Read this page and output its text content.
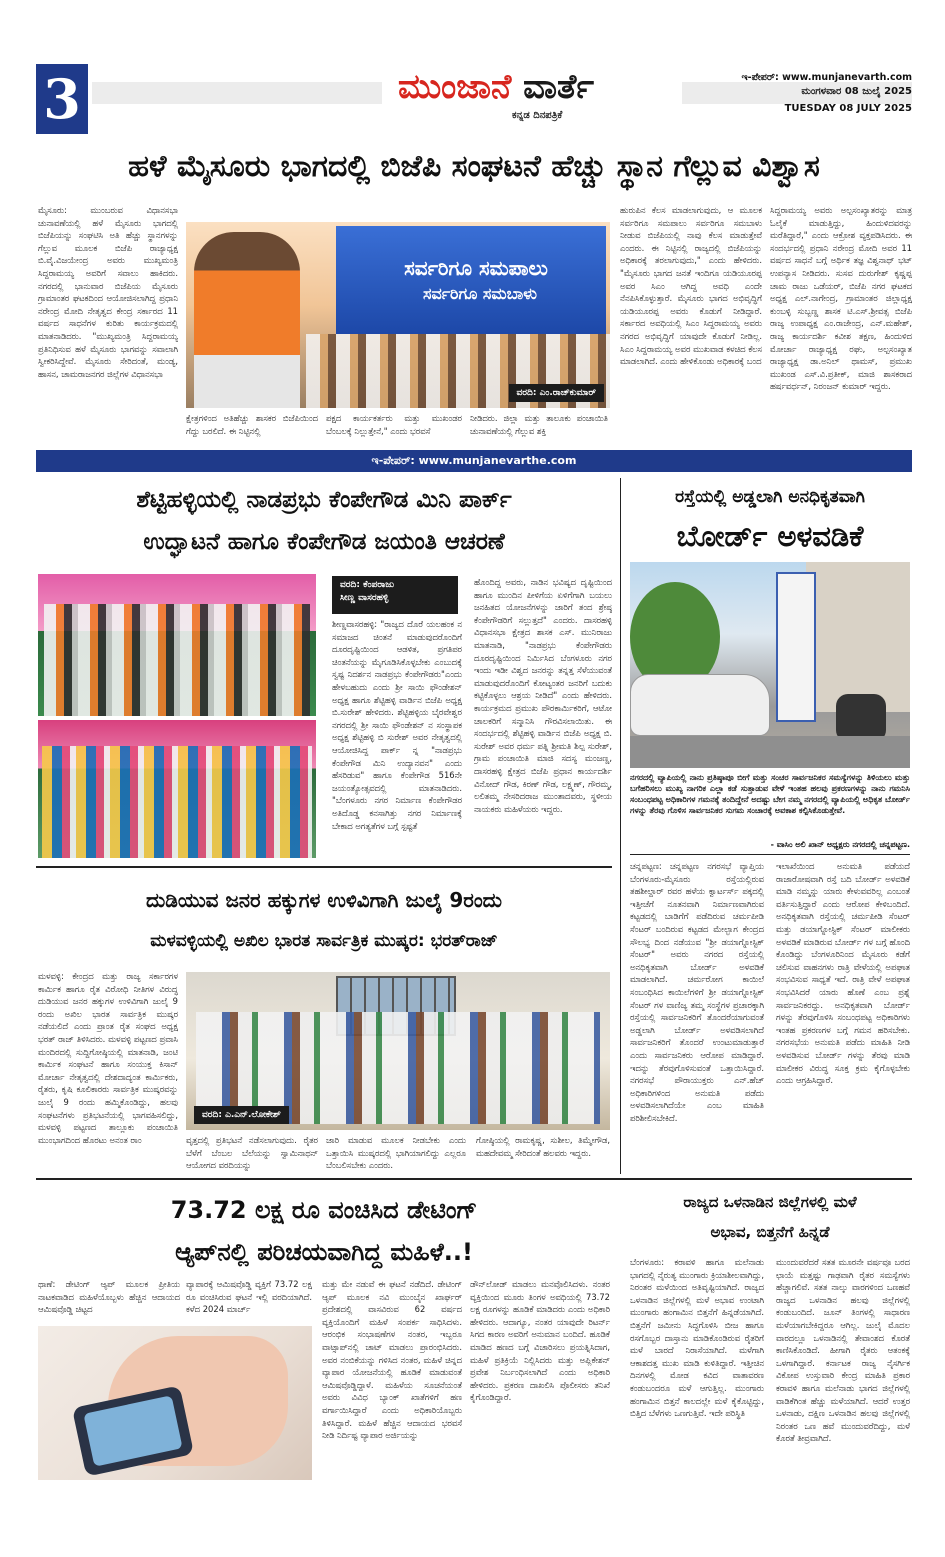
3	ಮುಂಜಾನೆ ವಾರ್ತೆ
ಕನ್ನಡ ದಿನಪತ್ರಿಕೆ
ಇ-ಪೇಪರ್: www.munjanevarth.com
ಮಂಗಳವಾರ 08 ಜುಲೈ 2025
TUESDAY 08 JULY 2025
ಹಳೆ ಮೈಸೂರು ಭಾಗದಲ್ಲಿ ಬಿಜೆಪಿ ಸಂಘಟನೆ ಹೆಚ್ಚು ಸ್ಥಾನ ಗೆಲ್ಲುವ ವಿಶ್ವಾಸ
ಮೈಸೂರು: ಮುಂಬರುವ ವಿಧಾನಸಭಾ ಚುನಾವಣೆಯಲ್ಲಿ ಹಳೆ ಮೈಸೂರು ಭಾಗದಲ್ಲಿ ಬಿಜೆಪಿಯನ್ನು ಸಂಘಟಿಸಿ ಅತಿ ಹೆಚ್ಚು ಸ್ಥಾನಗಳನ್ನು ಗೆಲ್ಲುವ ಮೂಲಕ ಬಿಜೆಪಿ ರಾಜ್ಯಾಧ್ಯಕ್ಷ ಬಿ.ವೈ.ವಿಜಯೇಂದ್ರ ಅವರು ಮುಖ್ಯಮಂತ್ರಿ ಸಿದ್ದರಾಮಯ್ಯ ಅವರಿಗೆ ಸವಾಲು ಹಾಕಿದರು. ನಗರದಲ್ಲಿ ಭಾನುವಾರ ಬಿಜೆಪಿಯ ಮೈಸೂರು ಗ್ರಾಮಾಂತರ ಘಟಕದಿಂದ ಆಯೋಜಿಸಲಾಗಿದ್ದ ಪ್ರಧಾನಿ ನರೇಂದ್ರ ಮೋದಿ ನೇತೃತ್ವದ ಕೇಂದ್ರ ಸರ್ಕಾರದ 11 ವರ್ಷದ ಸಾಧನೆಗಳ ಕುರಿತು ಕಾರ್ಯಕ್ರಮದಲ್ಲಿ ಮಾತನಾಡಿದರು. "ಮುಖ್ಯಮಂತ್ರಿ ಸಿದ್ದರಾಮಯ್ಯ ಪ್ರತಿನಿಧಿಸುವ ಹಳೆ ಮೈಸೂರು ಭಾಗವನ್ನು ಸವಾಲಾಗಿ ಸ್ವೀಕರಿಸಿದ್ದೇವೆ. ಮೈಸೂರು ಸೇರಿದಂತೆ, ಮಂಡ್ಯ, ಹಾಸನ, ಚಾಮರಾಜನಗರ ಜಿಲ್ಲೆಗಳ ವಿಧಾನಸಭಾ
ಸರ್ವರಿಗೂ ಸಮಪಾಲು
ಸರ್ವರಿಗೂ ಸಮಬಾಳು
ವರದಿ: ಎಂ.ರಾಜ್‌ಕುಮಾರ್
ಕ್ಷೇತ್ರಗಳಿಂದ ಅತಿಹೆಚ್ಚು ಶಾಸಕರ ಬಿಜೆಪಿಯಿಂದ ಗೆದ್ದು ಬರಲಿದೆ. ಈ ನಿಟ್ಟಿನಲ್ಲಿ
ಪಕ್ಷದ ಕಾರ್ಯಕರ್ತರು ಮತ್ತು ಮುಖಂಡರ ಬೆಂಬಲಕ್ಕೆ ನಿಲ್ಲುತ್ತೇನೆ," ಎಂದು ಭರವಸೆ
ನೀಡಿದರು. ಜಿಲ್ಲಾ ಮತ್ತು ತಾಲೂಕು ಪಂಚಾಯಿತಿ ಚುನಾವಣೆಯಲ್ಲಿ ಗೆಲ್ಲುವ ಶಕ್ತಿ
ಹುರುಪಿನ ಕೆಲಸ ಮಾಡಲಾಗುವುದು, ಆ ಮೂಲಕ ಸರ್ವರಿಗೂ ಸಮಪಾಲು ಸರ್ವರಿಗೂ ಸಮಬಾಳು ನೀಡುವ ಬಿಜೆಪಿಯಲ್ಲಿ ನಾವು ಕೆಲಸ ಮಾಡುತ್ತೇವೆ ಎಂದರು. ಈ ನಿಟ್ಟಿನಲ್ಲಿ ರಾಜ್ಯದಲ್ಲಿ ಬಿಜೆಪಿಯನ್ನು ಅಧಿಕಾರಕ್ಕೆ ತರಲಾಗುವುದು," ಎಂದು ಹೇಳಿದರು. "ಮೈಸೂರು ಭಾಗದ ಜನತೆ ಇಂದಿಗೂ ಯಡಿಯೂರಪ್ಪ ಅವರ ಸಿಎಂ ಆಗಿದ್ದ ಅವಧಿ ಎಂದೇ ನೆನಪಿಸಿಕೊಳ್ಳುತ್ತಾರೆ. ಮೈಸೂರು ಭಾಗದ ಅಭಿವೃದ್ಧಿಗೆ ಯಡಿಯೂರಪ್ಪ ಅವರು ಕೊಡುಗೆ ನೀಡಿದ್ದಾರೆ. ಸರ್ಕಾರದ ಅವಧಿಯಲ್ಲಿ ಸಿಎಂ ಸಿದ್ದರಾಮಯ್ಯ ಅವರು ನಗರದ ಅಭಿವೃದ್ಧಿಗೆ ಯಾವುದೇ ಕೊಡುಗೆ ನೀಡಿಲ್ಲ. ಸಿಎಂ ಸಿದ್ದರಾಮಯ್ಯ ಅವರ ಮುಖವಾಡ ಕಳಚಿದ ಕೆಲಸ ಮಾಡಲಾಗಿದೆ. ಎಂದು ಹೇಳಿಕೊಂಡು ಅಧಿಕಾರಕ್ಕೆ ಬಂದ
ಸಿದ್ದರಾಮಯ್ಯ ಅವರು ಅಲ್ಪಸಂಖ್ಯಾತರನ್ನು ಮಾತ್ರ ಓಲೈಕೆ ಮಾಡುತ್ತಿದ್ದು, ಹಿಂದುಳಿದವರನ್ನು ಮರೆತಿದ್ದಾರೆ," ಎಂದು ಆಕ್ರೋಶ ವ್ಯಕ್ತಪಡಿಸಿದರು. ಈ ಸಂದರ್ಭದಲ್ಲಿ ಪ್ರಧಾನಿ ನರೇಂದ್ರ ಮೋದಿ ಅವರ 11 ವರ್ಷದ ಸಾಧನೆ ಬಗ್ಗೆ ಅರ್ಥಿಕ ತಜ್ಞ ವಿಶ್ವನಾಥ್ ಭಟ್ ಉಪನ್ಯಾಸ ನೀಡಿದರು. ಸುಸವ ದುರುಗೇಶ್ ಕೃಷ್ಣಪ್ಪ ಚಾಮ ರಾಜು ಒಡೆಯರ್, ಬಿಜೆಪಿ ನಗರ ಘಟಕದ ಅಧ್ಯಕ್ಷ ಎಲ್.ನಾಗೇಂದ್ರ, ಗ್ರಾಮಾಂತರ ಜಿಲ್ಲಾಧ್ಯಕ್ಷ ಕುಂಬಳ್ಳಿ ಸುಬ್ಬಣ್ಣ ಶಾಸಕ ಟಿ.ಎಸ್.ಶ್ರೀವತ್ಸ ಬಿಜೆಪಿ ರಾಜ್ಯ ಉಪಾಧ್ಯಕ್ಷ ಎಂ.ರಾಜೇಂದ್ರ, ಎನ್.ಮಹೇಶ್, ರಾಜ್ಯ ಕಾರ್ಯದರ್ಶಿ ಕವೀಶ ತಕ್ಷಣ, ಹಿಂದುಳಿದ ಮೋರ್ಚಾ ರಾಜ್ಯಾಧ್ಯಕ್ಷ ರಘು, ಅಲ್ಪಸಂಖ್ಯಾತ ರಾಜ್ಯಾಧ್ಯಕ್ಷ ಡಾ.ಅನಿಲ್ ಥಾಮಸ್, ಪ್ರಮುಖ ಮುಖಂಡ ಎಸ್.ವಿ.ಪ್ರತೀಕ್, ಮಾಜಿ ಶಾಸಕರಾದ ಹರ್ಷವರ್ಧನ್, ನಿರಂಜನ್ ಕುಮಾರ್ ಇದ್ದರು.
ಇ-ಪೇಪರ್: www.munjanevarthe.com
ಶೆಟ್ಟಿಹಳ್ಳಿಯಲ್ಲಿ ನಾಡಪ್ರಭು ಕೆಂಪೇಗೌಡ ಮಿನಿ ಪಾರ್ಕ್
ಉದ್ಘಾಟನೆ ಹಾಗೂ ಕೆಂಪೇಗೌಡ ಜಯಂತಿ ಆಚರಣೆ
ವರದಿ: ಕೆಂಪರಾಜು
ಸೀಣ್ಣ ವಾಸರಹಳ್ಳಿ
ಶೀಣ್ಣವಾಸರಹಳ್ಳಿ: "ರಾಜ್ಯದ ದೊರೆ ಯಲಹಂಕ ನ ಸಮಾಜದ ಚಿಂತನೆ ಮಾಡುವುದರೊಂದಿಗೆ ದೂರದೃಷ್ಟಿಯಿಂದ ಆಡಳಿತ, ಪ್ರಗತಿಪರ ಚಿಂತನೆಯನ್ನು ಮೈಗೂಡಿಸಿಕೊಳ್ಳಬೇಕು ಎಂಬುದಕ್ಕೆ ಸ್ವಷ್ಟ ನಿದರ್ಶನ ನಾಡಪ್ರಭು ಕೆಂಪೇಗೌಡರು"ಎಂದು ಹೇಳಬಹುದು ಎಂದು ಶ್ರೀ ಸಾಯಿ ಫೌಂಡೇಶನ್ ಅಧ್ಯಕ್ಷ ಹಾಗೂ ಶೆಟ್ಟಿಹಳ್ಳಿ ವಾರ್ಡಿನ ಬಿಜೆಪಿ ಅಧ್ಯಕ್ಷ ಬಿ.ಸುರೇಶ್ ಹೇಳಿದರು. ಶೆಟ್ಟಿಹಳ್ಳಿಯ ಬೈರವೇಶ್ವರ ನಗರದಲ್ಲಿ ಶ್ರೀ ಸಾಯಿ ಫೌಂಡೇಶನ್ ನ ಸಂಸ್ಥಾಪಕ ಅಧ್ಯಕ್ಷ ಶೆಟ್ಟಿಹಳ್ಳಿ ಬಿ ಸುರೇಶ್ ಅವರ ನೇತೃತ್ವದಲ್ಲಿ ಆಯೋಜಿಸಿದ್ದ ಪಾರ್ಕ್ ನ್ನ "ನಾಡಪ್ರಭು ಕೆಂಪೇಗೌಡ ಮಿನಿ ಉದ್ಯಾನವನ" ಎಂದು ಹೆಸರಿಡುವ" ಹಾಗೂ ಕೆಂಪೇಗೌಡ 516ನೇ ಜಯಂತ್ಯೋತ್ಸವದಲ್ಲಿ ಮಾತನಾಡಿದರು. "ಬೆಂಗಳೂರು ನಗರ ನಿರ್ಮಾಣ ಕೆಂಪೇಗೌಡರ ಅತಿದೊಡ್ಡ ಕನಸಾಗಿತ್ತು ನಗರ ನಿರ್ಮಾಣಕ್ಕೆ ಬೇಕಾದ ಅಗತ್ಯತೆಗಳ ಬಗ್ಗೆ ಸ್ಪಷ್ಟತೆ
ಹೊಂದಿದ್ದ ಅವರು, ನಾಡಿನ ಭವಿಷ್ಯದ ದೃಷ್ಟಿಯಿಂದ ಹಾಗೂ ಮುಂದಿನ ಪೀಳಿಗೆಯ ಏಳಿಗೆಗಾಗಿ ಬಯಲು ಜನಹಿತದ ಯೋಜನೆಗಳನ್ನು ಜಾರಿಗೆ ತಂದ ಶ್ರೇಷ್ಠ ಕೆಂಪೇಗೌಡರಿಗೆ ಸಲ್ಲುತ್ತದೆ" ಎಂದರು. ದಾಸರಹಳ್ಳಿ ವಿಧಾನಸಭಾ ಕ್ಷೇತ್ರದ ಶಾಸಕ ಎಸ್. ಮುನಿರಾಜು ಮಾತನಾಡಿ, "ನಾಡಪ್ರಭು ಕೆಂಪೇಗೌಡರು ದೂರದೃಷ್ಟಿಯಿಂದ ನಿರ್ಮಿಸಿದ ಬೆಂಗಳೂರು ನಗರ ಇಂದು ಇಡೀ ವಿಶ್ವದ ಜನರನ್ನು ತನ್ನತ್ತ ಸೆಳೆಯುವಂತೆ ಮಾಡುವುದರೊಂದಿಗೆ ಕೋಟ್ಯಂತರ ಜನರಿಗೆ ಬದುಕು ಕಟ್ಟಿಕೊಳ್ಳಲು ಆಶ್ರಯ ನೀಡಿದೆ" ಎಂದು ಹೇಳಿದರು. ಕಾರ್ಯಕ್ರಮದ ಪ್ರಮುಖ ಪೌರಕಾರ್ಮಿಕರಿಗೆ, ಆಟೋ ಚಾಲಕರಿಗೆ ಸನ್ಮಾನಿಸಿ ಗೌರವಿಸಲಾಯಿತು. ಈ ಸಂದರ್ಭದಲ್ಲಿ ಶೆಟ್ಟಿಹಳ್ಳಿ ವಾರ್ಡಿನ ಬಿಜೆಪಿ ಅಧ್ಯಕ್ಷ ಬಿ. ಸುರೇಶ್ ಅವರ ಧರ್ಮ ಪತ್ನಿ ಶ್ರೀಮತಿ ಶಿಲ್ಪ ಸುರೇಶ್, ಗ್ರಾಮ ಪಂಚಾಯಿತಿ ಮಾಜಿ ಸದಸ್ಯ ಮಂಜಣ್ಣ, ದಾಸರಹಳ್ಳಿ ಕ್ಷೇತ್ರದ ಬಿಜೆಪಿ ಪ್ರಧಾನ ಕಾರ್ಯದರ್ಶಿ ವಿನೋದ್ ಗೌಡ, ಕಿರಣ್ ಗೌಡ, ಲಕ್ಷ್ಮಣ್, ಗೌರಮ್ಮ, ಲಲಿತಮ್ಮ ನೇಸರಿದರಾಜ ಮುಂತಾದವರು, ಸ್ಥಳೀಯ ನಾಯಕರು ಮಹಿಳೆಯರು ಇದ್ದರು.
ರಸ್ತೆಯಲ್ಲಿ ಅಡ್ಡಲಾಗಿ ಅನಧಿಕೃತವಾಗಿ
ಬೋರ್ಡ್ ಅಳವಡಿಕೆ
ನಗರದಲ್ಲಿ ವ್ಯಾಪಿಯಲ್ಲಿ ನಾನು ಪ್ರತಿಷ್ಠಾಪೂ ಬೀಗೆ ಮತ್ತು ಸಂಚರ ಸಾರ್ವಜನಿಕರ ಸಮಸ್ಯೆಗಳನ್ನು ತಿಳಿಯಲು ಮತ್ತು ಬಗೆಹರಿಸಲು ಮುಖ್ಯ ನಾಗರಿಕ ಎಲ್ಲಾ ಕಡೆ ಸುತ್ತಾಡುವ ವೇಳೆ ಇಂತಹ ಹಲವು ಪ್ರಕರಣಗಳನ್ನು ನಾನು ಗಮನಿಸಿ ಸಂಬಂಧಪಟ್ಟ ಅಧಿಕಾರಿಗಳ ಗಮನಕ್ಕೆ ತಂದಿದ್ದೇನೆ ಅದಷ್ಟು ಬೇಗ ನಮ್ಮ ನಗರದಲ್ಲಿ ವ್ಯಾಪಿಯಲ್ಲಿ ಅಧಿಕೃತ ಬೋರ್ಡ್ ಗಳನ್ನು ತೆರವು ಗೊಳಿಸ ಸಾರ್ವಜನಿಕರ ಸುಗಮ ಸಂಚಾರಕ್ಕೆ ಅವಕಾಶ ಕಲ್ಪಿಸಿಕೊಡುತ್ತೇವೆ.
- ವಾಸಿಂ ಅಲಿ ಖಾನ್ ಅಧ್ಯಕ್ಷರು ನಗರದಲ್ಲಿ ಚನ್ನಪಟ್ಟಣ.
ಚನ್ನಪಟ್ಟಣ: ಚನ್ನಪಟ್ಟಣ ನಗರಸಭೆ ವ್ಯಾಪ್ತಿಯ ಬೆಂಗಳೂರು-ಮೈಸೂರು ರಸ್ತೆಯಲ್ಲಿರುವ ತಹಶೀಲ್ದಾರ್ ರವರ ಹಳೆಯ ಕ್ವಾರ್ಟರ್ಸ್ ಪಕ್ಕದಲ್ಲಿ ಇತ್ತೀಚೆಗೆ ನೂತನವಾಗಿ ನಿರ್ಮಾಣವಾಗಿರುವ ಕಟ್ಟಡದಲ್ಲಿ ಬಾಡಿಗೆಗೆ ಪಡೆದಿರುವ ಚರ್ಮಪೀಡಿ ಸೆಂಟರ್ ಬಂದಿರುವ ಕಟ್ಟಡದ ಮೇಲ್ಭಾಗ ಕೇಂದ್ರದ ಸೌಲಭ್ಯ ದಿಂದ ನಡೆಯುವ "ಶ್ರೀ ಡಯಾಗ್ನೋಸ್ಟಿಕ್ ಸೆಂಟರ್" ಅವರು ನಗರದ ರಸ್ತೆಯಲ್ಲಿ ಅನಧಿಕೃತವಾಗಿ ಬೋರ್ಡ್ ಅಳವಡಿಕೆ ಮಾಡಲಾಗಿದೆ. ಚರ್ಮರೋಗ ಕಾಯಿಲೆ ಸಂಬಂಧಿಸಿದ ಕಾಯಿಲೆಗಳಿಗೆ ಶ್ರೀ ಡಯಾಗ್ನೋಸ್ಟಿಕ್ ಸೆಂಟರ್ ಗಳ ವಾಣಿಜ್ಯ ತಮ್ಮ ಸಂಸ್ಥೆಗಳ ಪ್ರಚಾರಕ್ಕಾಗಿ ರಸ್ತೆಯಲ್ಲಿ ಸಾರ್ವಜನಿಕರಿಗೆ ತೊಂದರೆಯಾಗುವಂತೆ ಅಡ್ಡಲಾಗಿ ಬೋರ್ಡ್ ಅಳವಡಿಸಲಾಗಿದೆ ಸಾರ್ವಜನಿಕರಿಗೆ ತೊಂದರೆ ಉಂಟುಮಾಡುತ್ತಾರೆ ಎಂದು ಸಾರ್ವಜನಿಕರು ಆರೋಪ ಮಾಡಿದ್ದಾರೆ. ಇದನ್ನು ತೆರವುಗೊಳಿಸುವಂತೆ ಒತ್ತಾಯಿಸಿದ್ದಾರೆ. ನಗರಸಭೆ ಪೌರಾಯುಕ್ತರು ಎನ್.ಹೆಚ್ ಅಧಿಕಾರಿಗಳಿಂದ ಅನುಮತಿ ಪಡೆದು ಅಳವಡಿಸಲಾಗಿದೆಯೇ ಎಂಬ ಮಾಹಿತಿ ಪರಿಶೀಲಿಸಬೇಕಿದೆ.
ಇಲಾಖೆಯಿಂದ ಅನುಮತಿ ಪಡೆಯದೆ ರಾಜಾರೋಷವಾಗಿ ರಸ್ತೆ ಬದಿ ಬೋರ್ಡ್ ಅಳವಡಿಕೆ ಮಾಡಿ ನಮ್ಮನ್ನು ಯಾರು ಕೇಳುವವರಿಲ್ಲ ಎಂಬಂತೆ ವರ್ತಿಸುತ್ತಿದ್ದಾರೆ ಎಂದು ಆರೋಪ ಕೇಳಿಬಂದಿದೆ. ಅನಧಿಕೃತವಾಗಿ ರಸ್ತೆಯಲ್ಲಿ ಚರ್ಮಪೀಡಿ ಸೆಂಟರ್ ಮತ್ತು ಡಯಾಗ್ನೋಸ್ಟಿಕ್ ಸೆಂಟರ್ ಮಾಲೀಕರು ಅಳವಡಿಕೆ ಮಾಡಿರುವ ಬೋರ್ಡ್ ಗಳ ಬಗ್ಗೆ ಹೊಂದಿ ಕೊಂಡಿದ್ದು ಬೆಂಗಳೂರಿನಿಂದ ಮೈಸೂರು ಕಡೆಗೆ ಚಲಿಸುವ ವಾಹನಗಳು ರಾತ್ರಿ ವೇಳೆಯಲ್ಲಿ ಅಪಘಾತ ಸಂಭವಿಸುವ ಸಾಧ್ಯತೆ ಇದೆ. ರಾತ್ರಿ ವೇಳೆ ಅಪಘಾತ ಸಂಭವಿಸಿದರೆ ಯಾರು ಹೊಣೆ ಎಂಬ ಪ್ರಶ್ನೆ ಸಾರ್ವಜನಿಕರದ್ದು. ಅನಧಿಕೃತವಾಗಿ ಬೋರ್ಡ್ ಗಳನ್ನು ತೆರವುಗೊಳಿಸಿ ಸಂಬಂಧಪಟ್ಟ ಅಧಿಕಾರಿಗಳು ಇಂತಹ ಪ್ರಕರಣಗಳ ಬಗ್ಗೆ ಗಮನ ಹರಿಸಬೇಕು. ನಗರಸಭೆಯ ಅನುಮತಿ ಪಡೆದು ಮಾಹಿತಿ ನೀಡಿ ಅಳವಡಿಸುವ ಬೋರ್ಡ್ ಗಳನ್ನು ತೆರವು ಮಾಡಿ ಮಾಲೀಕರ ವಿರುದ್ಧ ಸೂಕ್ತ ಕ್ರಮ ಕೈಗೊಳ್ಳಬೇಕು ಎಂದು ಆಗ್ರಹಿಸಿದ್ದಾರೆ.
ದುಡಿಯುವ ಜನರ ಹಕ್ಕುಗಳ ಉಳಿವಿಗಾಗಿ ಜುಲೈ 9ರಂದು
ಮಳವಳ್ಳಿಯಲ್ಲಿ ಅಖಿಲ ಭಾರತ ಸಾರ್ವತ್ರಿಕ ಮುಷ್ಕರ: ಭರತ್‌ರಾಜ್
ಮಳವಳ್ಳಿ: ಕೇಂದ್ರದ ಮತ್ತು ರಾಜ್ಯ ಸರ್ಕಾರಗಳ ಕಾರ್ಮಿಕ ಹಾಗೂ ರೈತ ವಿರೋಧಿ ನೀತಿಗಳ ವಿರುದ್ಧ ದುಡಿಯುವ ಜನರ ಹಕ್ಕುಗಳ ಉಳಿವಿಗಾಗಿ ಜುಲೈ 9 ರಂದು ಅಖಿಲ ಭಾರತ ಸಾರ್ವತ್ರಿಕ ಮುಷ್ಕರ ನಡೆಯಲಿದೆ ಎಂದು ಪ್ರಾಂತ ರೈತ ಸಂಘದ ಅಧ್ಯಕ್ಷ ಭರತ್ ರಾಜ್ ತಿಳಿಸಿದರು. ಮಳವಳ್ಳಿ ಪಟ್ಟಣದ ಪ್ರವಾಸಿ ಮಂದಿರದಲ್ಲಿ ಸುದ್ದಿಗೋಷ್ಠಿಯಲ್ಲಿ ಮಾತನಾಡಿ, ಜಂಟಿ ಕಾರ್ಮಿಕ ಸಂಘಟನೆ ಹಾಗೂ ಸಂಯುಕ್ತ ಕಿಸಾನ್ ಮೋರ್ಚಾ ನೇತೃತ್ವದಲ್ಲಿ ದೇಶದಾದ್ಯಂತ ಕಾರ್ಮಿಕರು, ರೈತರು, ಕೃಷಿ ಕೂಲಿಕಾರರು ಸಾರ್ವತ್ರಿಕ ಮುಷ್ಕರವನ್ನು ಜುಲೈ 9 ರಂದು ಹಮ್ಮಿಕೊಂಡಿದ್ದು, ಹಲವು ಸಂಘಟನೆಗಳು ಪ್ರತಿಭಟನೆಯಲ್ಲಿ ಭಾಗವಹಿಸಲಿದ್ದು, ಮಳವಳ್ಳಿ ಪಟ್ಟಣದ ತಾಲ್ಲೂಕು ಪಂಚಾಯಿತಿ ಮುಂಭಾಗದಿಂದ ಹೊರಟು ಅನಂತ ರಾಂ
ವರದಿ: ಎ.ಎನ್.ಲೋಕೇಶ್
ವೃತ್ತದಲ್ಲಿ ಪ್ರತಿಭಟನೆ ನಡೆಸಲಾಗುವುದು. ರೈತರ ಬೆಳೆಗೆ ಬೆಂಬಲ ಬೆಲೆಯನ್ನು ಸ್ವಾಮಿನಾಥನ್ ಆಯೋಗದ ವರದಿಯನ್ನು
ಜಾರಿ ಮಾಡುವ ಮೂಲಕ ನೀಡಬೇಕು ಎಂದು ಒತ್ತಾಯಿಸಿ ಮುಷ್ಕರದಲ್ಲಿ ಭಾಗಿಯಾಗಲಿದ್ದು ಎಲ್ಲರೂ ಬೆಂಬಲಿಸಬೇಕು ಎಂದರು.
ಗೋಷ್ಠಿಯಲ್ಲಿ ರಾಮಕೃಷ್ಣ, ಸುಶೀಲ, ತಿಮ್ಮೇಗೌಡ, ಮಹದೇವಮ್ಮ ಸೇರಿದಂತೆ ಹಲವರು ಇದ್ದರು.
73.72 ಲಕ್ಷ ರೂ ವಂಚಿಸಿದ ಡೇಟಿಂಗ್
ಆ್ಯಪ್‌ನಲ್ಲಿ ಪರಿಚಯವಾಗಿದ್ದ ಮಹಿಳೆ..!
ಥಾಣೆ: ಡೇಟಿಂಗ್ ಆ್ಯಪ್ ಮೂಲಕ ಪ್ರೀತಿಯ ನಾಟಕವಾಡಿದ ಮಹಿಳೆಯೊಬ್ಬಳು ಹೆಚ್ಚಿನ ಆದಾಯದ ಆಮಿಷವೊಡ್ಡಿ ಚಿಟ್ಟದ
ವ್ಯಾಪಾರಕ್ಕೆ ಆಮಿಷವೊಡ್ಡಿ ವ್ಯಕ್ತಿಗೆ 73.72 ಲಕ್ಷ ರೂ ವಂಚಿಸಿರುವ ಘಟನೆ ಇಲ್ಲಿ ವರದಿಯಾಗಿದೆ. ಕಳೆದ 2024 ಮಾರ್ಚ್
ಮತ್ತು ಮೇ ನಡುವೆ ಈ ಘಟನೆ ನಡೆದಿದೆ. ಡೇಟಿಂಗ್ ಆ್ಯಪ್ ಮೂಲಕ ನವಿ ಮುಂಬೈನ ಖಾರ್ಘರ್ ಪ್ರದೇಶದಲ್ಲಿ ವಾಸವಿರುವ 62 ವರ್ಷದ ವ್ಯಕ್ತಿಯೊಂದಿಗೆ ಮಹಿಳೆ ಸಂಪರ್ಕ ಸಾಧಿಸಿದಳು. ಆರಂಭಿಕ ಸಂಭಾಷಣೆಗಳ ನಂತರ, ಇಬ್ಬರೂ ವಾಟ್ಸಾಪ್‌ನಲ್ಲಿ ಚಾಟ್ ಮಾಡಲು ಪ್ರಾರಂಭಿಸಿದರು. ಅವರ ನಂಬಿಕೆಯನ್ನು ಗಳಿಸಿದ ನಂತರ, ಮಹಿಳೆ ಚಿನ್ನದ ವ್ಯಾಪಾರ ಯೋಜನೆಯಲ್ಲಿ ಹೂಡಿಕೆ ಮಾಡುವಂತೆ ಆಮಿಷವೊಡ್ಡಿದ್ದಾಳೆ. ಮಹಿಳೆಯ ಸೂಚನೆಯಂತೆ ಅವರು ವಿವಿಧ ಬ್ಯಾಂಕ್ ಖಾತೆಗಳಿಗೆ ಹಣ ವರ್ಗಾಯಿಸಿದ್ದಾರೆ ಎಂದು ಅಧಿಕಾರಿಯೊಬ್ಬರು ತಿಳಿಸಿದ್ದಾರೆ. ಮಹಿಳೆ ಹೆಚ್ಚಿನ ಆದಾಯದ ಭರವಸೆ ನೀಡಿ ನಿರ್ದಿಷ್ಟ ವ್ಯಾಪಾರ ಅರ್ಜಿಯನ್ನು
ಡೌನ್‌ಲೋಡ್ ಮಾಡಲು ಮನವೊಲಿಸಿದಳು. ನಂತರ ವ್ಯಕ್ತಿಯಿಂದ ಮೂರು ತಿಂಗಳ ಅವಧಿಯಲ್ಲಿ 73.72 ಲಕ್ಷ ರೂಗಳನ್ನು ಹೂಡಿಕೆ ಮಾಡಿದರು ಎಂದು ಅಧಿಕಾರಿ ಹೇಳಿದರು. ಆದಾಗ್ಯೂ, ನಂತರ ಯಾವುದೇ ರಿಟರ್ನ್ ಸಿಗದ ಕಾರಣ ಅವರಿಗೆ ಅನುಮಾನ ಬಂದಿದೆ. ಹೂಡಿಕೆ ಮಾಡಿದ ಹಣದ ಬಗ್ಗೆ ವಿಚಾರಿಸಲು ಪ್ರಯತ್ನಿಸಿದಾಗ, ಮಹಿಳೆ ಪ್ರತಿಕ್ರಿಯೆ ನಿಲ್ಲಿಸಿದರು ಮತ್ತು ಅಪ್ಲಿಕೇಶನ್ ಪ್ರವೇಶ ನಿರ್ಬಂಧಿಸಲಾಗಿದೆ ಎಂದು ಅಧಿಕಾರಿ ಹೇಳಿದರು. ಪ್ರಕರಣ ದಾಖಲಿಸಿ ಪೊಲೀಸರು ತನಿಖೆ ಕೈಗೊಂಡಿದ್ದಾರೆ.
ರಾಜ್ಯದ ಒಳನಾಡಿನ ಜಿಲ್ಲೆಗಳಲ್ಲಿ ಮಳೆ
ಅಭಾವ, ಬಿತ್ತನೆಗೆ ಹಿನ್ನಡೆ
ಬೆಂಗಳೂರು: ಕರಾವಳಿ ಹಾಗೂ ಮಲೆನಾಡು ಭಾಗದಲ್ಲಿ ನೈರುತ್ಯ ಮುಂಗಾರು ಕ್ರಿಯಾಶೀಲವಾಗಿದ್ದು, ನಿರಂತರ ಮಳೆಯಿಂದ ಅತಿವೃಷ್ಟಿಯಾಗಿದೆ. ರಾಜ್ಯದ ಒಳನಾಡಿನ ಜಿಲ್ಲೆಗಳಲ್ಲಿ ಮಳೆ ಅಭಾವ ಉಂಟಾಗಿ ಮುಂಗಾರು ಹಂಗಾಮಿನ ಬಿತ್ತನೆಗೆ ಹಿನ್ನಡೆಯಾಗಿದೆ. ಬಿತ್ತನೆಗೆ ಜಮೀನು ಸಿದ್ಧಗೊಳಿಸಿ ಬೀಜ ಹಾಗೂ ರಸಗೊಬ್ಬರ ದಾಸ್ತಾನು ಮಾಡಿಕೊಂಡಿರುವ ರೈತರಿಗೆ ಮಳೆ ಬಾರದೆ ನಿರಾಸೆಯಾಗಿದೆ. ಮಳೆಗಾಗಿ ಆಕಾಶದತ್ತ ಮುಖ ಮಾಡಿ ಕುಳಿತಿದ್ದಾರೆ. ಇತ್ತೀಚಿನ ದಿನಗಳಲ್ಲಿ ಮೋಡ ಕವಿದ ವಾತಾವರಣ ಕಂಡುಬಂದರೂ ಮಳೆ ಆಗುತ್ತಿಲ್ಲ. ಮುಂಗಾರು ಹಂಗಾಮಿನ ಬಿತ್ತನೆ ಕಾಲದಲ್ಲೇ ಮಳೆ ಕೈಕೊಟ್ಟಿದ್ದು, ಬಿತ್ತಿದ ಬೆಳೆಗಳು ಒಣಗುತ್ತಿವೆ. ಇದೇ ಪರಿಸ್ಥಿತಿ
ಮುಂದುವರೆದರೆ ಸತತ ಮೂರನೇ ವರ್ಷವೂ ಬರದ ಛಾಯೆ ಮತ್ತಷ್ಟು ಗಾಢವಾಗಿ ರೈತರ ಸಮಸ್ಯೆಗಳು ಹೆಚ್ಚಾಗಲಿವೆ. ಸತತ ನಾಲ್ಕು ವಾರಗಳಿಂದ ಒಣಹವೆ ರಾಜ್ಯದ ಒಳನಾಡಿನ ಹಲವು ಜಿಲ್ಲೆಗಳಲ್ಲಿ ಕಂಡುಬಂದಿದೆ. ಜೂನ್ ತಿಂಗಳಲ್ಲಿ ಸಾಧಾರಣ ಮಳೆಯಾಗಬೇಕಿದ್ದರೂ ಆಗಿಲ್ಲ. ಜುಲೈ ಮೊದಲ ವಾರದಲ್ಲೂ ಒಳನಾಡಿನಲ್ಲಿ ತೇವಾಂಶದ ಕೊರತೆ ಕಾಣಿಸಿಕೊಂಡಿದೆ. ಹೀಗಾಗಿ ರೈತರು ಆತಂಕಕ್ಕೆ ಒಳಗಾಗಿದ್ದಾರೆ. ಕರ್ನಾಟಕ ರಾಜ್ಯ ನೈಸರ್ಗಿಕ ವಿಕೋಪ ಉಸ್ತುವಾರಿ ಕೇಂದ್ರ ಮಾಹಿತಿ ಪ್ರಕಾರ ಕರಾವಳಿ ಹಾಗೂ ಮಲೆನಾಡು ಭಾಗದ ಜಿಲ್ಲೆಗಳಲ್ಲಿ ವಾಡಿಕೆಗಿಂತ ಹೆಚ್ಚು ಮಳೆಯಾಗಿದೆ. ಆದರೆ ಉತ್ತರ ಒಳನಾಡು, ದಕ್ಷಿಣ ಒಳನಾಡಿನ ಹಲವು ಜಿಲ್ಲೆಗಳಲ್ಲಿ ನಿರಂತರ ಒಣ ಹವೆ ಮುಂದುವರೆದಿದ್ದು, ಮಳೆ ಕೊರತೆ ತೀವ್ರವಾಗಿದೆ.
